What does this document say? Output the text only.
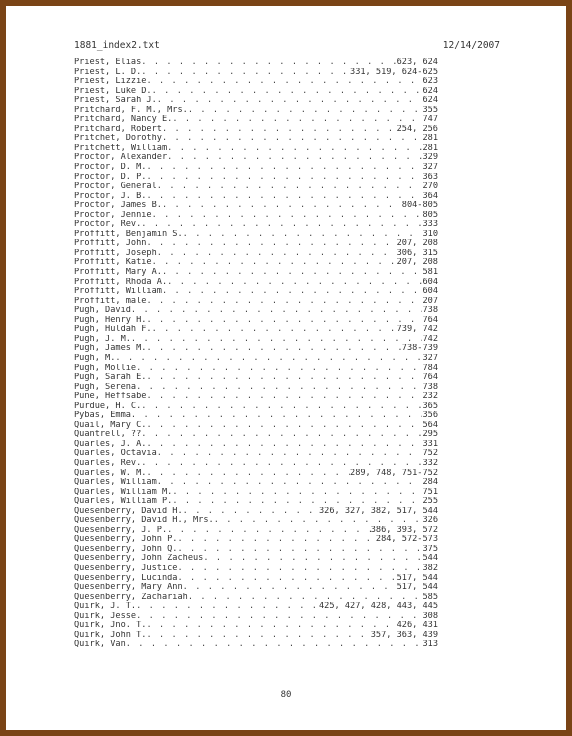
1881_index2.txt	12/14/2007
Priest, Elias . . .	623, 624
Priest, L. D. . . .	331, 519, 624-625
Priest, Lizzie . . .	623
Priest, Luke D. . . .	624
Priest, Sarah J. . . .	624
Pritchard, F. M., Mrs. . . .	355
Pritchard, Nancy E. . . .	747
Pritchard, Robert . . .	254, 256
Pritchet, Dorothy . . .	281
Pritchett, William . . .	281
Proctor, Alexander . . .	329
Proctor, D. M. . . .	327
Proctor, D. P. . . .	363
Proctor, General . . .	270
Proctor, J. B. . . .	364
Proctor, James B. . . .	804-805
Proctor, Jennie . . .	805
Proctor, Rev. . . .	333
Proffitt, Benjamin S. . . .	310
Proffitt, John . . .	207, 208
Proffitt, Joseph . . .	306, 315
Proffitt, Katie . . .	207, 208
Proffitt, Mary A. . . .	581
Proffitt, Rhoda A. . . .	604
Proffitt, William . . .	604
Proffitt, male . . .	207
Pugh, David . . .	738
Pugh, Henry H. . . .	764
Pugh, Huldah F. . . .	739, 742
Pugh, J. M. . . .	742
Pugh, James M. . . .	738-739
Pugh, M. . . .	327
Pugh, Mollie . . .	784
Pugh, Sarah E. . . .	764
Pugh, Serena . . .	738
Pune, Heffsabe . . .	232
Purdue, H. C. . . .	365
Pybas, Emma . . .	356
Quail, Mary C. . . .	564
Quantrell, ?? . . .	295
Quarles, J. A. . . .	331
Quarles, Octavia . . .	752
Quarles, Rev. . . .	332
Quarles, W. M. . . .	289, 748, 751-752
Quarles, William . . .	284
Quarles, William M. . . .	751
Quarles, William P. . . .	255
Quesenberry, David H. . . .	326, 327, 382, 517, 544
Quesenberry, David H., Mrs. . . .	326
Quesenberry, J. P. . . .	386, 393, 572
Quesenberry, John P. . . .	284, 572-573
Quesenberry, John Q. . . .	375
Quesenberry, John Zacheus . . .	544
Quesenberry, Justice . . .	382
Quesenberry, Lucinda . . .	517, 544
Quesenberry, Mary Ann . . .	517, 544
Quesenberry, Zachariah . . .	585
Quirk, J. T. . . .	425, 427, 428, 443, 445
Quirk, Jesse . . .	308
Quirk, Jno. T. . . .	426, 431
Quirk, John T. . . .	357, 363, 439
Quirk, Van . . .	313
80
